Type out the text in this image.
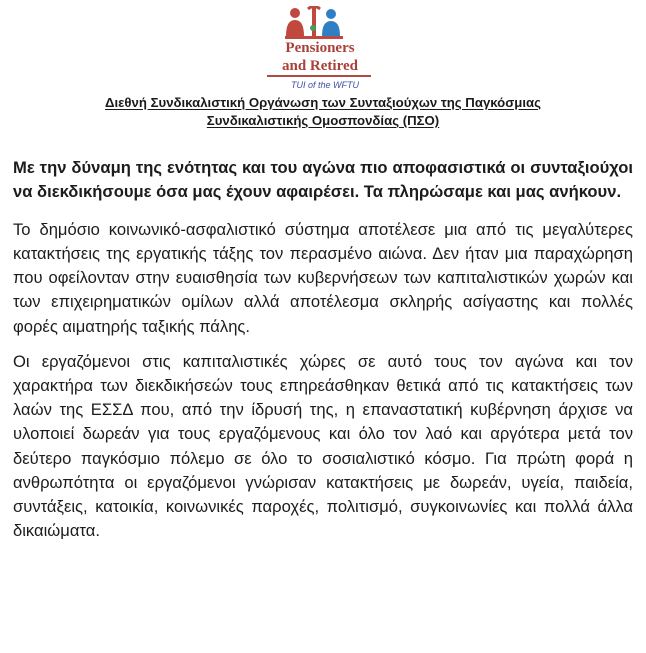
Pensioners
and Retired
TUI of the WFTU
Διεθνή Συνδικαλιστική Οργάνωση των Συνταξιούχων της Παγκόσμιας
Συνδικαλιστικής Ομοσπονδίας (ΠΣΟ)

Με την δύναμη της ενότητας και του αγώνα πιο αποφασιστικά οι συνταξιούχοι να διεκδικήσουμε όσα μας έχουν αφαιρέσει. Τα πληρώσαμε και μας ανήκουν.

Το δημόσιο κοινωνικό-ασφαλιστικό σύστημα αποτέλεσε μια από τις μεγαλύτερες κατακτήσεις της εργατικής τάξης τον περασμένο αιώνα. Δεν ήταν μια παραχώρηση που οφείλονταν στην ευαισθησία των κυβερνήσεων των καπιταλιστικών χωρών και των επιχειρηματικών ομίλων αλλά αποτέλεσμα σκληρής ασίγαστης και πολλές φορές αιματηρής ταξικής πάλης.

Οι εργαζόμενοι στις καπιταλιστικές χώρες σε αυτό τους τον αγώνα και τον χαρακτήρα των διεκδικήσεών τους επηρεάσθηκαν θετικά από τις κατακτήσεις των λαών της ΕΣΣΔ που, από την ίδρυσή της, η επαναστατική κυβέρνηση άρχισε να υλοποιεί δωρεάν για τους εργαζόμενους και όλο τον λαό και αργότερα μετά τον δεύτερο παγκόσμιο πόλεμο σε όλο το σοσιαλιστικό κόσμο. Για πρώτη φορά η ανθρωπότητα οι εργαζόμενοι γνώρισαν κατακτήσεις με δωρεάν, υγεία, παιδεία, συντάξεις, κατοικία, κοινωνικές παροχές, πολιτισμό, συγκοινωνίες και πολλά άλλα δικαιώματα.
